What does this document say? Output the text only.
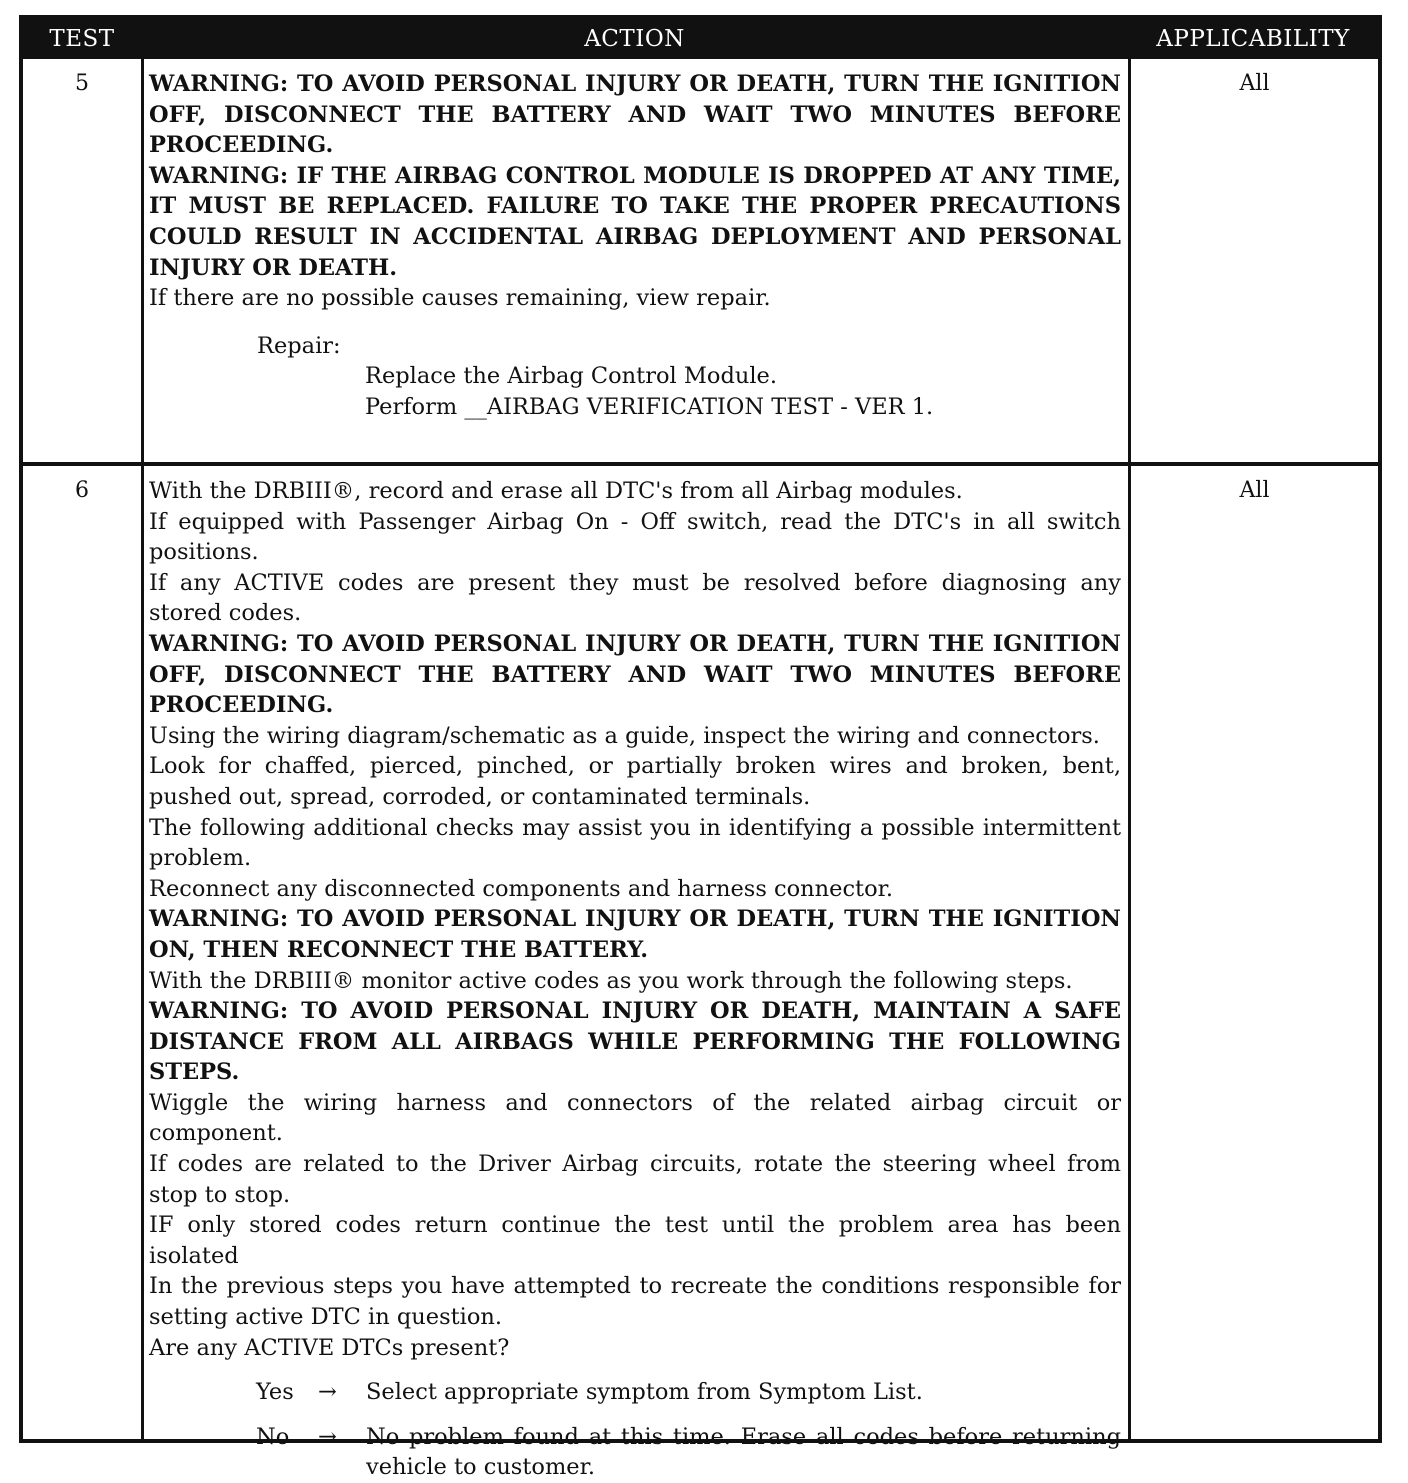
TEST	ACTION	APPLICABILITY
5	WARNING: TO AVOID PERSONAL INJURY OR DEATH, TURN THE IGNITION OFF, DISCONNECT THE BATTERY AND WAIT TWO MINUTES BEFORE PROCEEDING.

WARNING: IF THE AIRBAG CONTROL MODULE IS DROPPED AT ANY TIME, IT MUST BE REPLACED. FAILURE TO TAKE THE PROPER PRECAUTIONS COULD RESULT IN ACCIDENTAL AIRBAG DEPLOYMENT AND PERSONAL INJURY OR DEATH.

If there are no possible causes remaining, view repair.

Repair:
Replace the Airbag Control Module.
Perform __AIRBAG VERIFICATION TEST - VER 1.
All
6	With the DRBIII®, record and erase all DTC's from all Airbag modules.

If equipped with Passenger Airbag On - Off switch, read the DTC's in all switch positions.

If any ACTIVE codes are present they must be resolved before diagnosing any stored codes.

WARNING: TO AVOID PERSONAL INJURY OR DEATH, TURN THE IGNITION OFF, DISCONNECT THE BATTERY AND WAIT TWO MINUTES BEFORE PROCEEDING.

Using the wiring diagram/schematic as a guide, inspect the wiring and connectors.

Look for chaffed, pierced, pinched, or partially broken wires and broken, bent, pushed out, spread, corroded, or contaminated terminals.

The following additional checks may assist you in identifying a possible intermittent problem.

Reconnect any disconnected components and harness connector.

WARNING: TO AVOID PERSONAL INJURY OR DEATH, TURN THE IGNITION ON, THEN RECONNECT THE BATTERY.

With the DRBIII® monitor active codes as you work through the following steps.

WARNING: TO AVOID PERSONAL INJURY OR DEATH, MAINTAIN A SAFE DISTANCE FROM ALL AIRBAGS WHILE PERFORMING THE FOLLOWING STEPS.

Wiggle the wiring harness and connectors of the related airbag circuit or component.

If codes are related to the Driver Airbag circuits, rotate the steering wheel from stop to stop.

IF only stored codes return continue the test until the problem area has been isolated

In the previous steps you have attempted to recreate the conditions responsible for setting active DTC in question.

Are any ACTIVE DTCs present?

Yes	→	Select appropriate symptom from Symptom List.
No	→	No problem found at this time. Erase all codes before returning vehicle to customer.
All
